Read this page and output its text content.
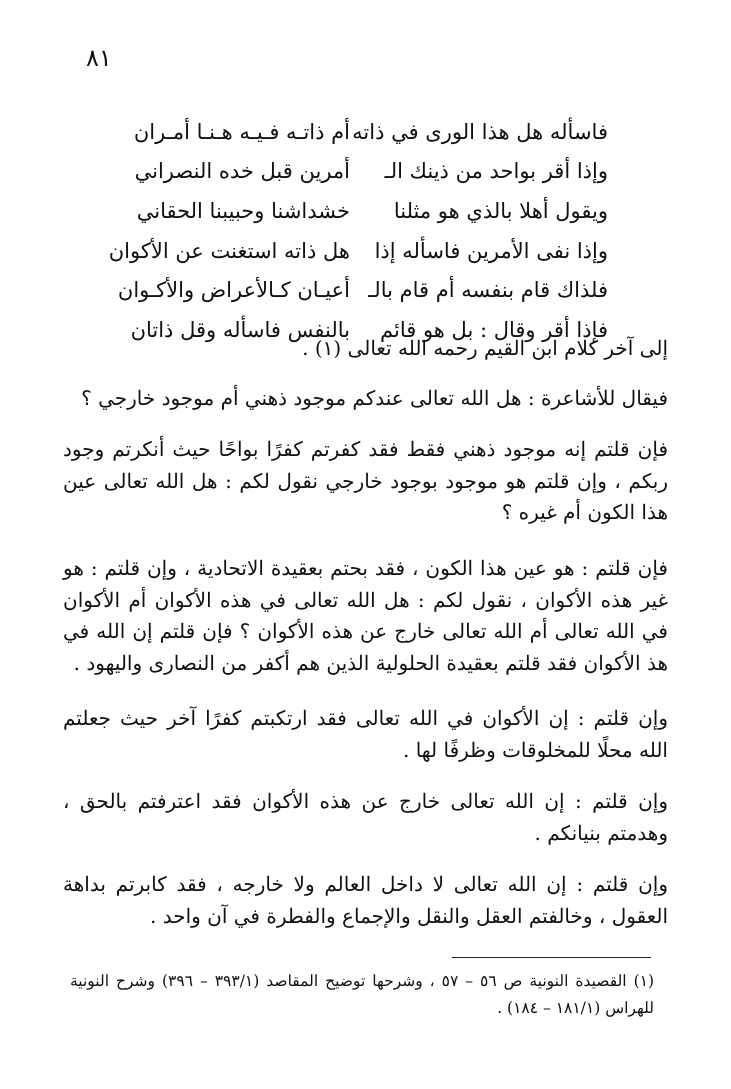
٨١
فاسأله هل هذا الورى في ذاته
أم ذاتـه فـيـه هـنـا أمـران
وإذا أقر بواحد من ذينك الـ
أمرين قبل خده النصراني
ويقول أهلا بالذي هو مثلنا
خشداشنا وحبيبنا الحقاني
وإذا نفى الأمرين فاسأله إذا
هل ذاته استغنت عن الأكوان
فلذاك قام بنفسه أم قام بالـ
أعيـان كـالأعراض والأكـوان
فإذا أقر وقال : بل هو قائم
بالنفس فاسأله وقل ذاتان

إلى آخر كلام ابن القيم رحمه الله تعالى (١) .

فيقال للأشاعرة : هل الله تعالى عندكم موجود ذهني أم موجود خارجي ؟

فإن قلتم إنه موجود ذهني فقط فقد كفرتم كفرًا بواحًا حيث أنكرتم وجود ربكم ، وإن قلتم هو موجود بوجود خارجي نقول لكم : هل الله تعالى عين هذا الكون أم غيره ؟

فإن قلتم : هو عين هذا الكون ، فقد بحتم بعقيدة الاتحادية ، وإن قلتم : هو غير هذه الأكوان ، نقول لكم : هل الله تعالى في هذه الأكوان أم الأكوان في الله تعالى أم الله تعالى خارج عن هذه الأكوان ؟ فإن قلتم إن الله في هذ الأكوان فقد قلتم بعقيدة الحلولية الذين هم أكفر من النصارى واليهود .

وإن قلتم : إن الأكوان في الله تعالى فقد ارتكبتم كفرًا آخر حيث جعلتم الله محلًا للمخلوقات وظرفًا لها .

وإن قلتم : إن الله تعالى خارج عن هذه الأكوان فقد اعترفتم بالحق ، وهدمتم بنيانكم .

وإن قلتم : إن الله تعالى لا داخل العالم ولا خارجه ، فقد كابرتم بداهة العقول ، وخالفتم العقل والنقل والإجماع والفطرة في آن واحد .

(١) القصيدة النونية ص ٥٦ – ٥٧ ، وشرحها توضيح المقاصد (٣٩٣/١ – ٣٩٦) وشرح النونية للهراس (١٨١/١ – ١٨٤) .
